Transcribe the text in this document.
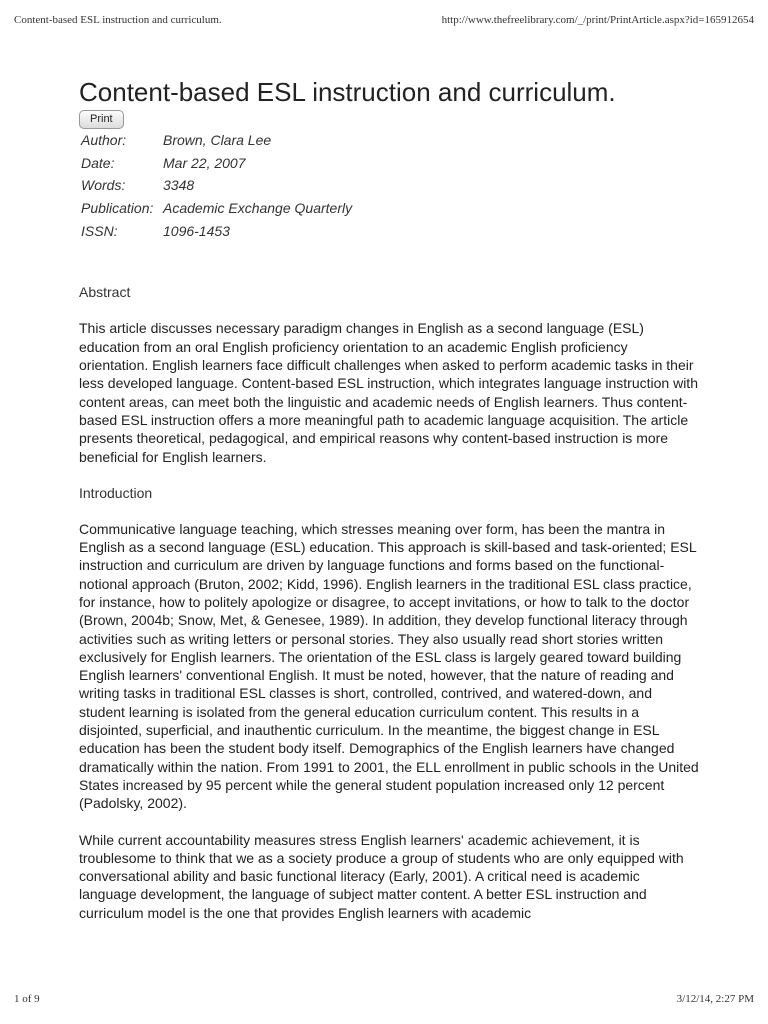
Content-based ESL instruction and curriculum.	http://www.thefreelibrary.com/_/print/PrintArticle.aspx?id=165912654
Content-based ESL instruction and curriculum.
Print
Author:	Brown, Clara Lee
Date:	Mar 22, 2007
Words:	3348
Publication:	Academic Exchange Quarterly
ISSN:	1096-1453

Abstract

This article discusses necessary paradigm changes in English as a second language (ESL) education from an oral English proficiency orientation to an academic English proficiency orientation. English learners face difficult challenges when asked to perform academic tasks in their less developed language. Content-based ESL instruction, which integrates language instruction with content areas, can meet both the linguistic and academic needs of English learners. Thus content-based ESL instruction offers a more meaningful path to academic language acquisition. The article presents theoretical, pedagogical, and empirical reasons why content-based instruction is more beneficial for English learners.

Introduction

Communicative language teaching, which stresses meaning over form, has been the mantra in English as a second language (ESL) education. This approach is skill-based and task-oriented; ESL instruction and curriculum are driven by language functions and forms based on the functional-notional approach (Bruton, 2002; Kidd, 1996). English learners in the traditional ESL class practice, for instance, how to politely apologize or disagree, to accept invitations, or how to talk to the doctor (Brown, 2004b; Snow, Met, & Genesee, 1989). In addition, they develop functional literacy through activities such as writing letters or personal stories. They also usually read short stories written exclusively for English learners. The orientation of the ESL class is largely geared toward building English learners' conventional English. It must be noted, however, that the nature of reading and writing tasks in traditional ESL classes is short, controlled, contrived, and watered-down, and student learning is isolated from the general education curriculum content. This results in a disjointed, superficial, and inauthentic curriculum. In the meantime, the biggest change in ESL education has been the student body itself. Demographics of the English learners have changed dramatically within the nation. From 1991 to 2001, the ELL enrollment in public schools in the United States increased by 95 percent while the general student population increased only 12 percent (Padolsky, 2002).

While current accountability measures stress English learners' academic achievement, it is troublesome to think that we as a society produce a group of students who are only equipped with conversational ability and basic functional literacy (Early, 2001). A critical need is academic language development, the language of subject matter content. A better ESL instruction and curriculum model is the one that provides English learners with academic

1 of 9	3/12/14, 2:27 PM
